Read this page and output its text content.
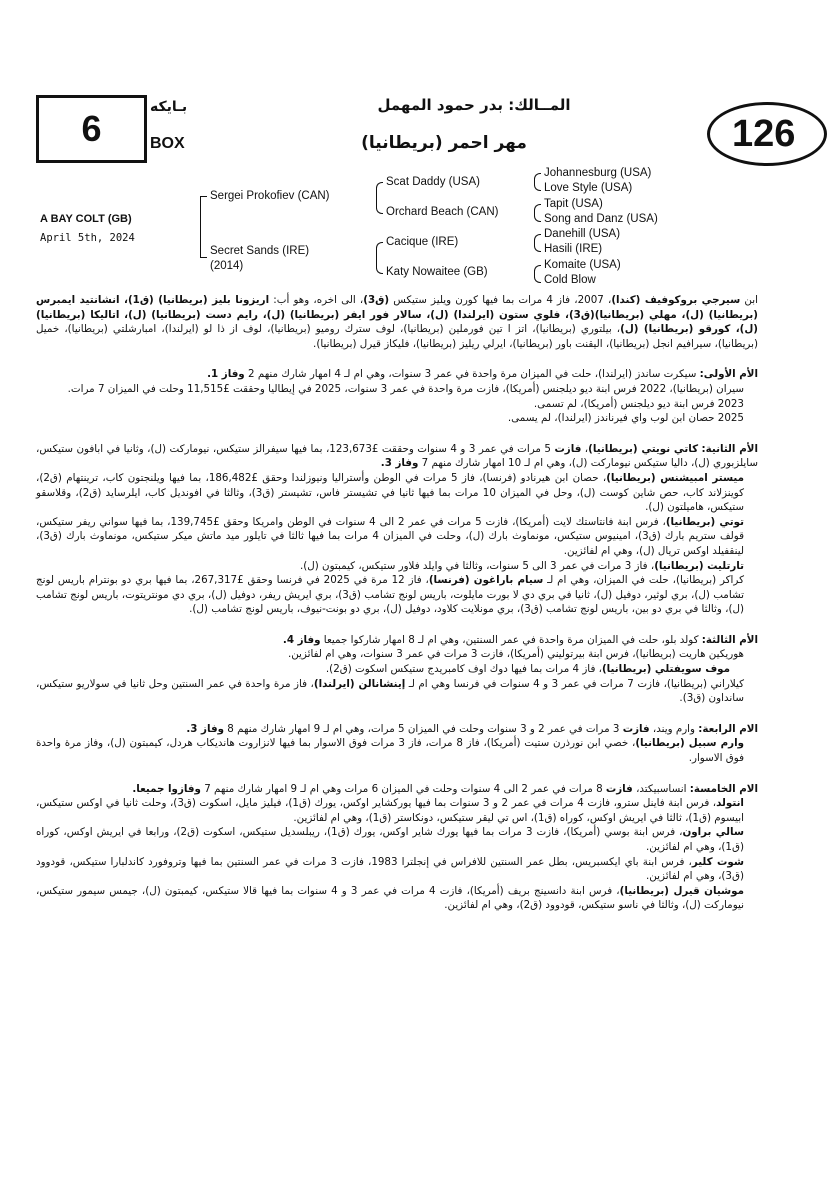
6
بـايكه
BOX
المــالك: بدر حمود المهمل
مهر احمر (بريطانيا)	126
A BAY COLT (GB)
April 5th, 2024
Sergei Prokofiev (CAN)
Secret Sands (IRE)
(2014)
Scat Daddy (USA)
Orchard Beach (CAN)
Cacique (IRE)
Katy Nowaitee (GB)
Johannesburg (USA)
Love Style (USA)
Tapit (USA)
Song and Danz (USA)
Danehill (USA)
Hasili (IRE)
Komaite (USA)
Cold Blow

ابن سيرجي بروكوفيف (كندا)، 2007، فاز 4 مرات بما فيها كورن ويليز ستيكس (ق3)، الى اخره، وهو أب: اريزونا بليز (بريطانيا) (ق1)، انشانتيد ايمبرس (بريطانيا) (ل)، مهلي (بريطانيا)(ق3)، فلوي ستون (ايرلندا) (ل)، سالار فور ايفر (بريطانيا) (ل)، رايم دست (بريطانيا) (ل)، اتاليكا (بريطانيا) (ل)، كورقو (بريطانيا) (ل)، بيلتوري (بريطانيا)، اتز ا تين فورملين (بريطانيا)، لوف سترك روميو (بريطانيا)، لوف از ذا لو (ايرلندا)، امبارشلتي (بريطانيا)، خميل (بريطانيا)، سيرافيم انجل (بريطانيا)، اليقنت باور (بريطانيا)، ايرلي ريليز (بريطانيا)، فليكاز قيرل (بريطانيا).

الأم الأولى: سيكرت ساندز (ايرلندا)، حلت في الميزان مرة واحدة في عمر 3 سنوات، وهي ام لـ 4 امهار شارك منهم 2 وفاز 1.
سيران (بريطانيا)، 2022 فرس ابنة ديو ديلجنس (أمريكا)، فازت مرة واحدة في عمر 3 سنوات، 2025 في إيطاليا وحققت £11,515 وحلت في الميزان 7 مرات.
2023 فرس ابنة ديو ديلجنس (أمريكا)، لم تسمى.
2025 حصان ابن لوب واي فيرناندز (ايرلندا)، لم يسمى.
الأم الثانية: كاتي نويتي (بريطانيا)، فازت 5 مرات في عمر 3 و 4 سنوات وحققت £123,673، بما فيها سيفرالز ستيكس، نيوماركت (ل)، وثانيا في ابافون ستيكس، سايلزبوري (ل)، داليا ستيكس نيوماركت (ل)، وهي ام لـ 10 امهار شارك منهم 7 وفاز 3.
ميستر امبيشنس (بريطانيا)، حصان ابن هيرنادو (فرنسا)، فاز 5 مرات في الوطن وأستراليا ونيوزلندا وحقق £186,482، بما فيها ويلنجتون كاب، ترينتهام (ق2)، كوينزلاند كاب، حص شاين كوست (ل)، وحل في الميزان 10 مرات بما فيها ثانيا في تشيستر فاس، تشيستر (ق3)، وثالثا في افونديل كاب، ايلرسايد (ق2)، وقلاسقو ستيكس، هاميلتون (ل).
توتي (بريطانيا)، فرس ابنة فانتاستك لايت (أمريكا)، فازت 5 مرات في عمر 2 الى 4 سنوات في الوطن وامريكا وحقق £139,745، بما فيها سواني ريفر ستيكس، قولف ستريم بارك (ق3)، امينيوس ستيكس، مونماوث بارك (ل)، وحلت في الميزان 4 مرات بما فيها ثالثا في تايلور ميد ماتش ميكر ستيكس، مونماوث بارك (ق3)، لينقفيلد اوكس تريال (ل)، وهي ام لفائزين.
تارتليت (بريطانيا)، فاز 3 مرات في عمر 3 الى 5 سنوات، وثالثا في وايلد فلاور ستيكس، كيمبتون (ل).
كراكر (بريطانيا)، حلت في الميزان، وهي ام لـ سيام باراغون (فرنسا)، فاز 12 مرة في 2025 في فرنسا وحقق £267,317، بما فيها بري دو بونترام باريس لونج تشامب (ل)، بري لوثير، دوفيل (ل)، ثانيا في بري دي لا بورت مايلوت، باريس لونج تشامب (ق3)، بري ايريش ريفر، دوفيل (ل)، بري دي مونتريتوت، باريس لونج تشامب (ل)، وثالثا في بري دو بين، باريس لونج تشامب (ق3)، بري مونلايت كلاود، دوفيل (ل)، بري دو بونت-نيوف، باريس لونج تشامب (ل).
الأم الثالثة: كولد بلو، حلت في الميزان مرة واحدة في عمر السنتين، وهي ام لـ 8 امهار شاركوا جميعا وفاز 4.
هوريكين هاريت (بريطانيا)، فرس ابنة بيرتوليني (أمريكا)، فازت 3 مرات في عمر 3 سنوات، وهي ام لفائزين.
موف سويفتلي (بريطانيا)، فاز 4 مرات بما فيها دوك اوف كامبريدج ستيكس اسكوت (ق2).
كيلاراني (بريطانيا)، فازت 7 مرات في عمر 3 و 4 سنوات في فرنسا وهي ام لـ إينشانالن (ايرلندا)، فاز مرة واحدة في عمر السنتين وحل ثانيا في سولاريو ستيكس، سانداون (ق3).
الام الرابعة: وارم ويند، فازت 3 مرات في عمر 2 و 3 سنوات وحلت في الميزان 5 مرات، وهي ام لـ 9 امهار شارك منهم 8 وفاز 3.
وارم سبيل (بريطانيا)، خصي ابن نورذرن ستيت (أمريكا)، فاز 8 مرات، فاز 3 مرات فوق الاسوار بما فيها لانزاروت هانديكاب هردل، كيمبتون (ل)، وفاز مرة واحدة فوق الاسوار.
الام الخامسة: انساسبيكتد، فازت 8 مرات في عمر 2 الى 4 سنوات وحلت في الميزان 6 مرات وهي ام لـ 9 امهار شارك منهم 7 وفازوا جميعا.
انتولد، فرس ابنة فاينل سترو، فازت 4 مرات في عمر 2 و 3 سنوات بما فيها يوركشاير اوكس، يورك (ق1)، فيليز مايل، اسكوت (ق3)، وحلت ثانيا في اوكس ستيكس، ابيسوم (ق1)، ثالثا في ايريش اوكس، كوراه (ق1)، اس تي ليقر ستيكس، دونكاستر (ق1)، وهي ام لفائزين.
سالي براون، فرس ابنة بوسي (أمريكا)، فازت 3 مرات بما فيها يورك شاير اوكس، يورك (ق1)، ريبلسديل ستيكس، اسكوت (ق2)، ورابعا في ايريش اوكس، كوراه (ق1)، وهي ام لفائزين.
شوت كلير، فرس ابنة باي ايكسبريس، بطل عمر السنتين للافراس في إنجلترا 1983، فازت 3 مرات في عمر السنتين بما فيها وتروفورد كاندلبارا ستيكس، قودوود (ق3)، وهي ام لفائزين.
موشيان قيرل (بريطانيا)، فرس ابنة دانسينج بريف (أمريكا)، فازت 4 مرات في عمر 3 و 4 سنوات بما فيها قالا ستيكس، كيمبتون (ل)، جيمس سيمور ستيكس، نيوماركت (ل)، وثالثا في ناسو ستيكس، قودوود (ق2)، وهي ام لفائزين.
